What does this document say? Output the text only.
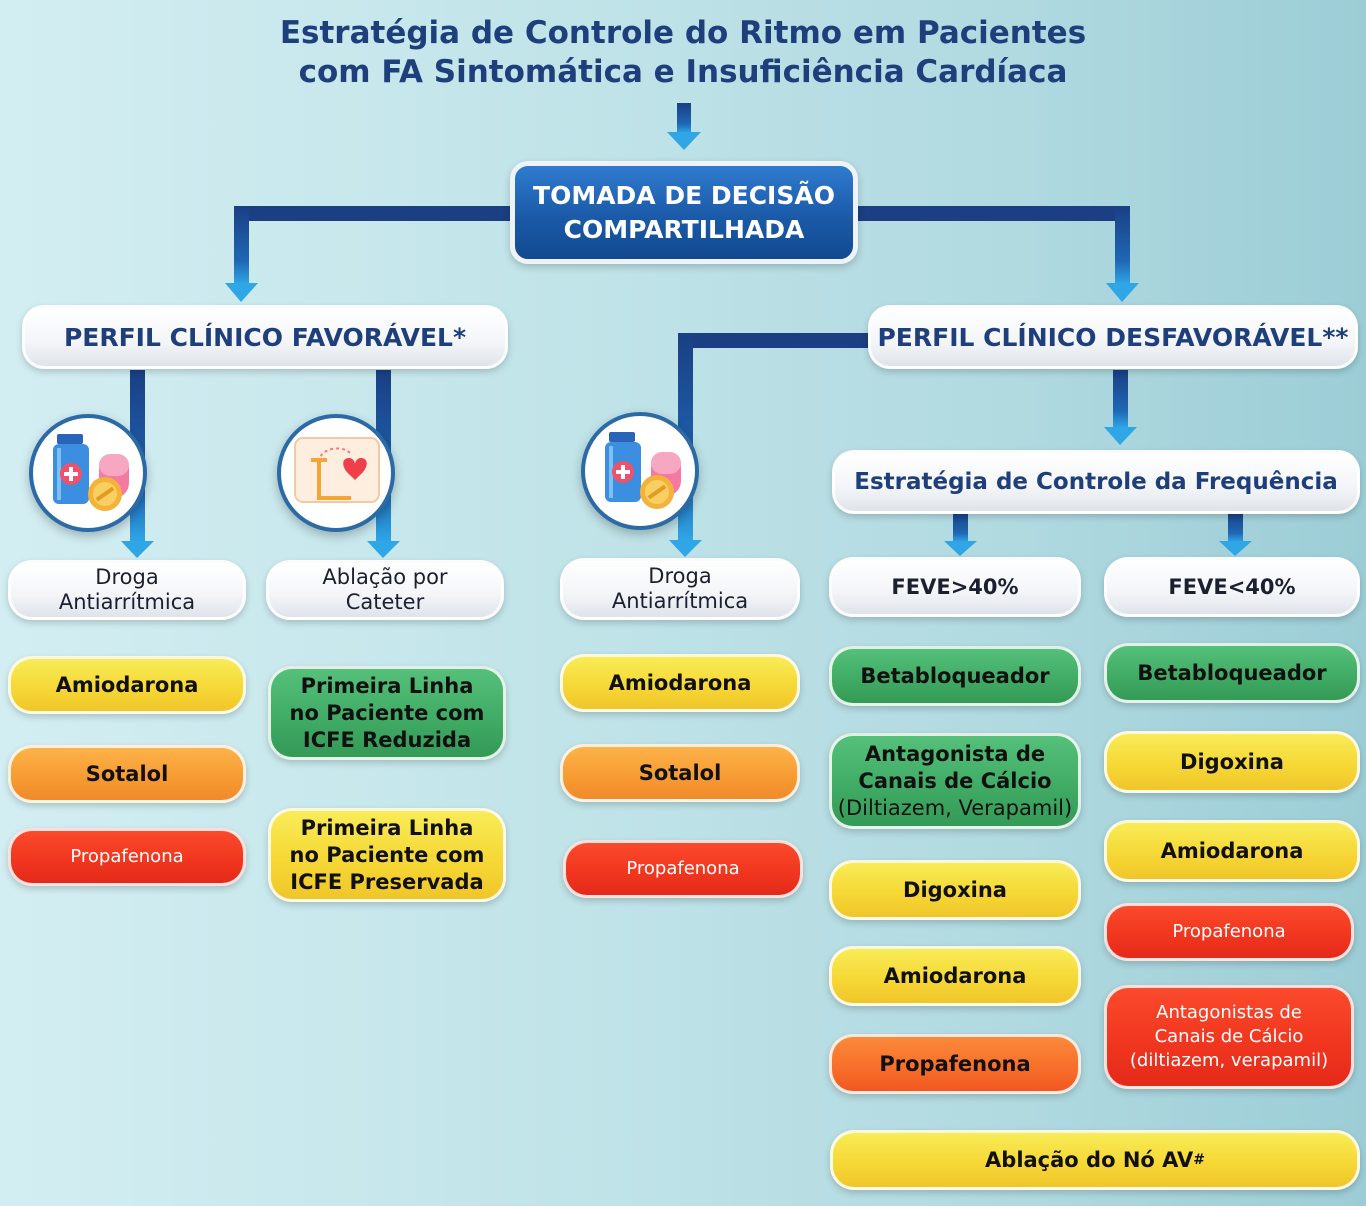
Estratégia de Controle do Ritmo em Pacientes
com FA Sintomática e Insuficiência Cardíaca
TOMADA DE DECISÃO
COMPARTILHADA
PERFIL CLÍNICO FAVORÁVEL*	PERFIL CLÍNICO DESFAVORÁVEL**
Droga
Antiarrítmica
Amiodarona
Sotalol
Propafenona
Ablação por
Cateter
Primeira Linha
no Paciente com
ICFE Reduzida
Primeira Linha
no Paciente com
ICFE Preservada
Droga
Antiarrítmica
Amiodarona
Sotalol
Propafenona
Estratégia de Controle da Frequência
FEVE>40%
Betabloqueador
Antagonista de
Canais de Cálcio
(Diltiazem, Verapamil)
Digoxina
Amiodarona
Propafenona
FEVE<40%
Betabloqueador
Digoxina
Amiodarona
Propafenona
Antagonistas de
Canais de Cálcio
(diltiazem, verapamil)
Ablação do Nó AV #
